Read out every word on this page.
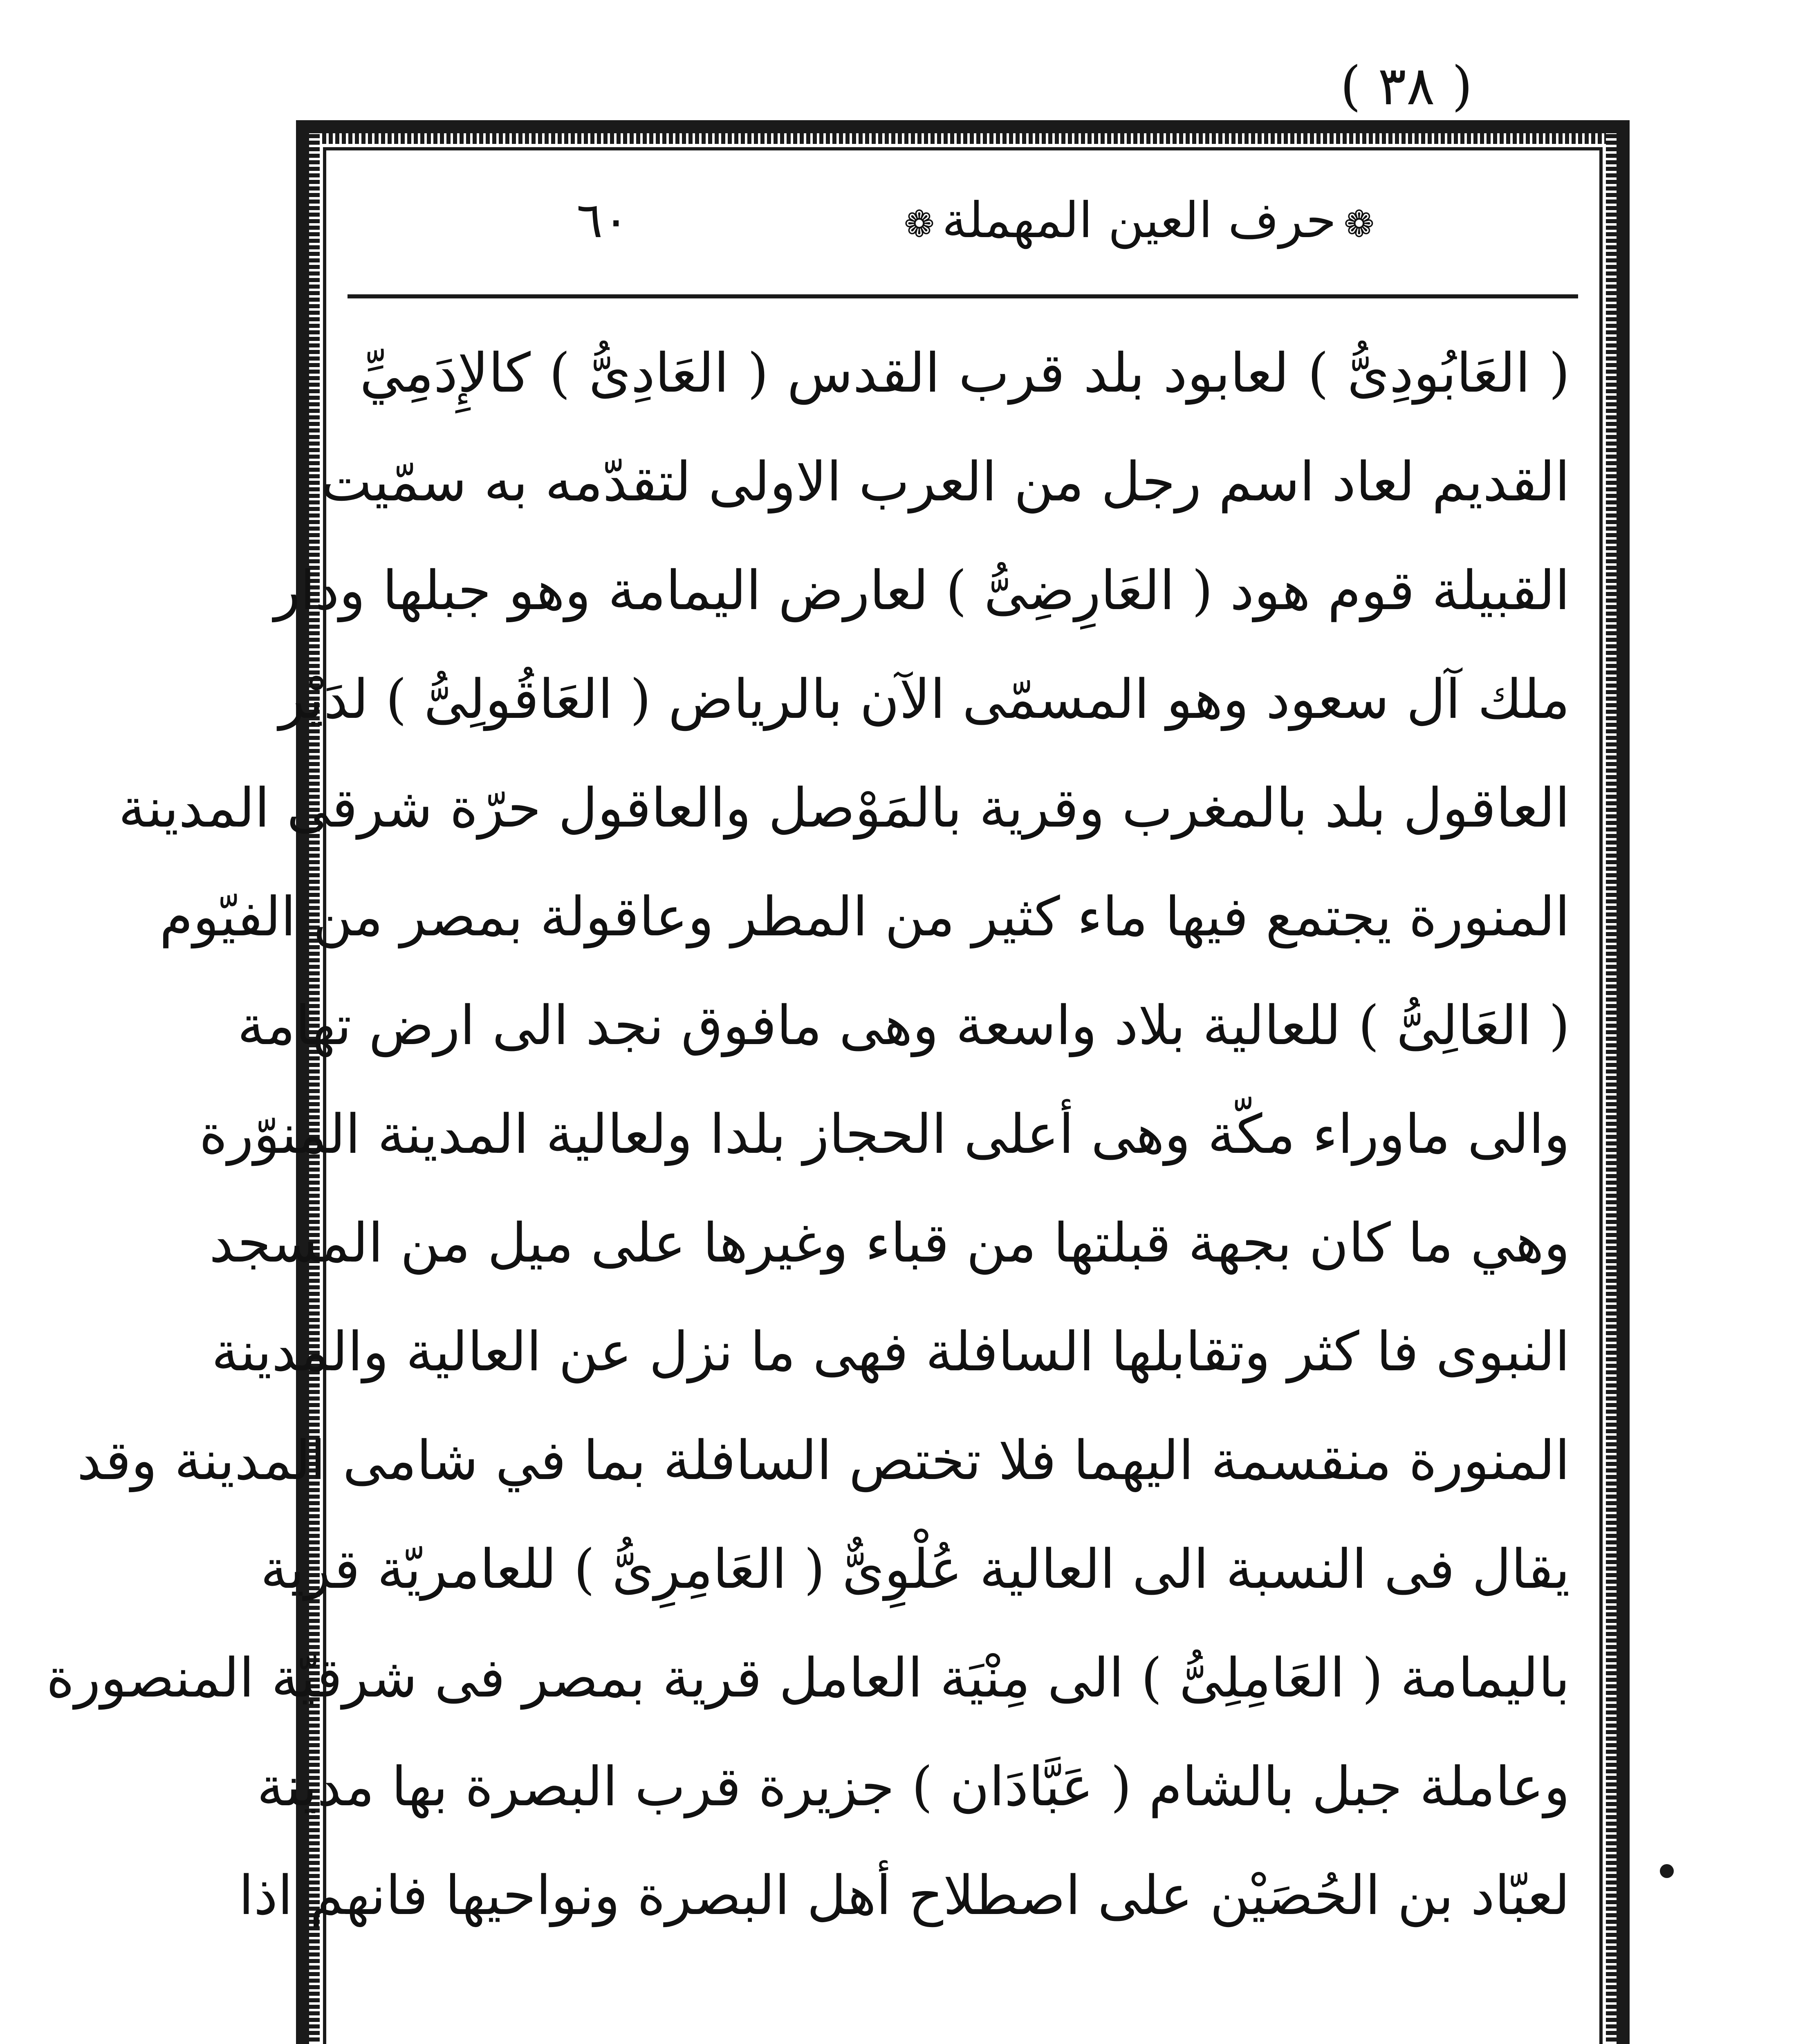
( ٣٨ )
❁حرف العين المهملة❁
٦٠
( العَابُودِىُّ ) لعابود بلد قرب القدس ( العَادِىُّ ) كالإِدَمِيِّ
القديم لعاد اسم رجل من العرب الاولى لتقدّمه به سمّيت
القبيلة قوم هود ( العَارِضِىُّ ) لعارض اليمامة وهو جبلها ودار
ملك آل سعود وهو المسمّى الآن بالرياض ( العَاقُولِىُّ ) لدَيْر
العاقول بلد بالمغرب وقرية بالمَوْصل والعاقول حرّة شرقى المدينة
المنورة يجتمع فيها ماء كثير من المطر وعاقولة بمصر من الفيّوم
( العَالِىُّ ) للعالية بلاد واسعة وهى مافوق نجد الى ارض تهامة
والى ماوراء مكّة وهى أعلى الحجاز بلدا ولعالية المدينة المنوّرة
وهي ما كان بجهة قبلتها من قباء وغيرها على ميل من المسجد
النبوى فا كثر وتقابلها السافلة فهى ما نزل عن العالية والمدينة
المنورة منقسمة اليهما فلا تختص السافلة بما في شامى المدينة وقد
يقال فى النسبة الى العالية عُلْوِىٌّ ( العَامِرِىُّ ) للعامريّة قرية
باليمامة ( العَامِلِىُّ ) الى مِنْيَة العامل قرية بمصر فى شرقيّة المنصورة
وعاملة جبل بالشام ( عَبَّادَان ) جزيرة قرب البصرة بها مدينة
لعبّاد بن الحُصَيْن على اصطلاح أهل البصرة ونواحيها فانهم اذا
